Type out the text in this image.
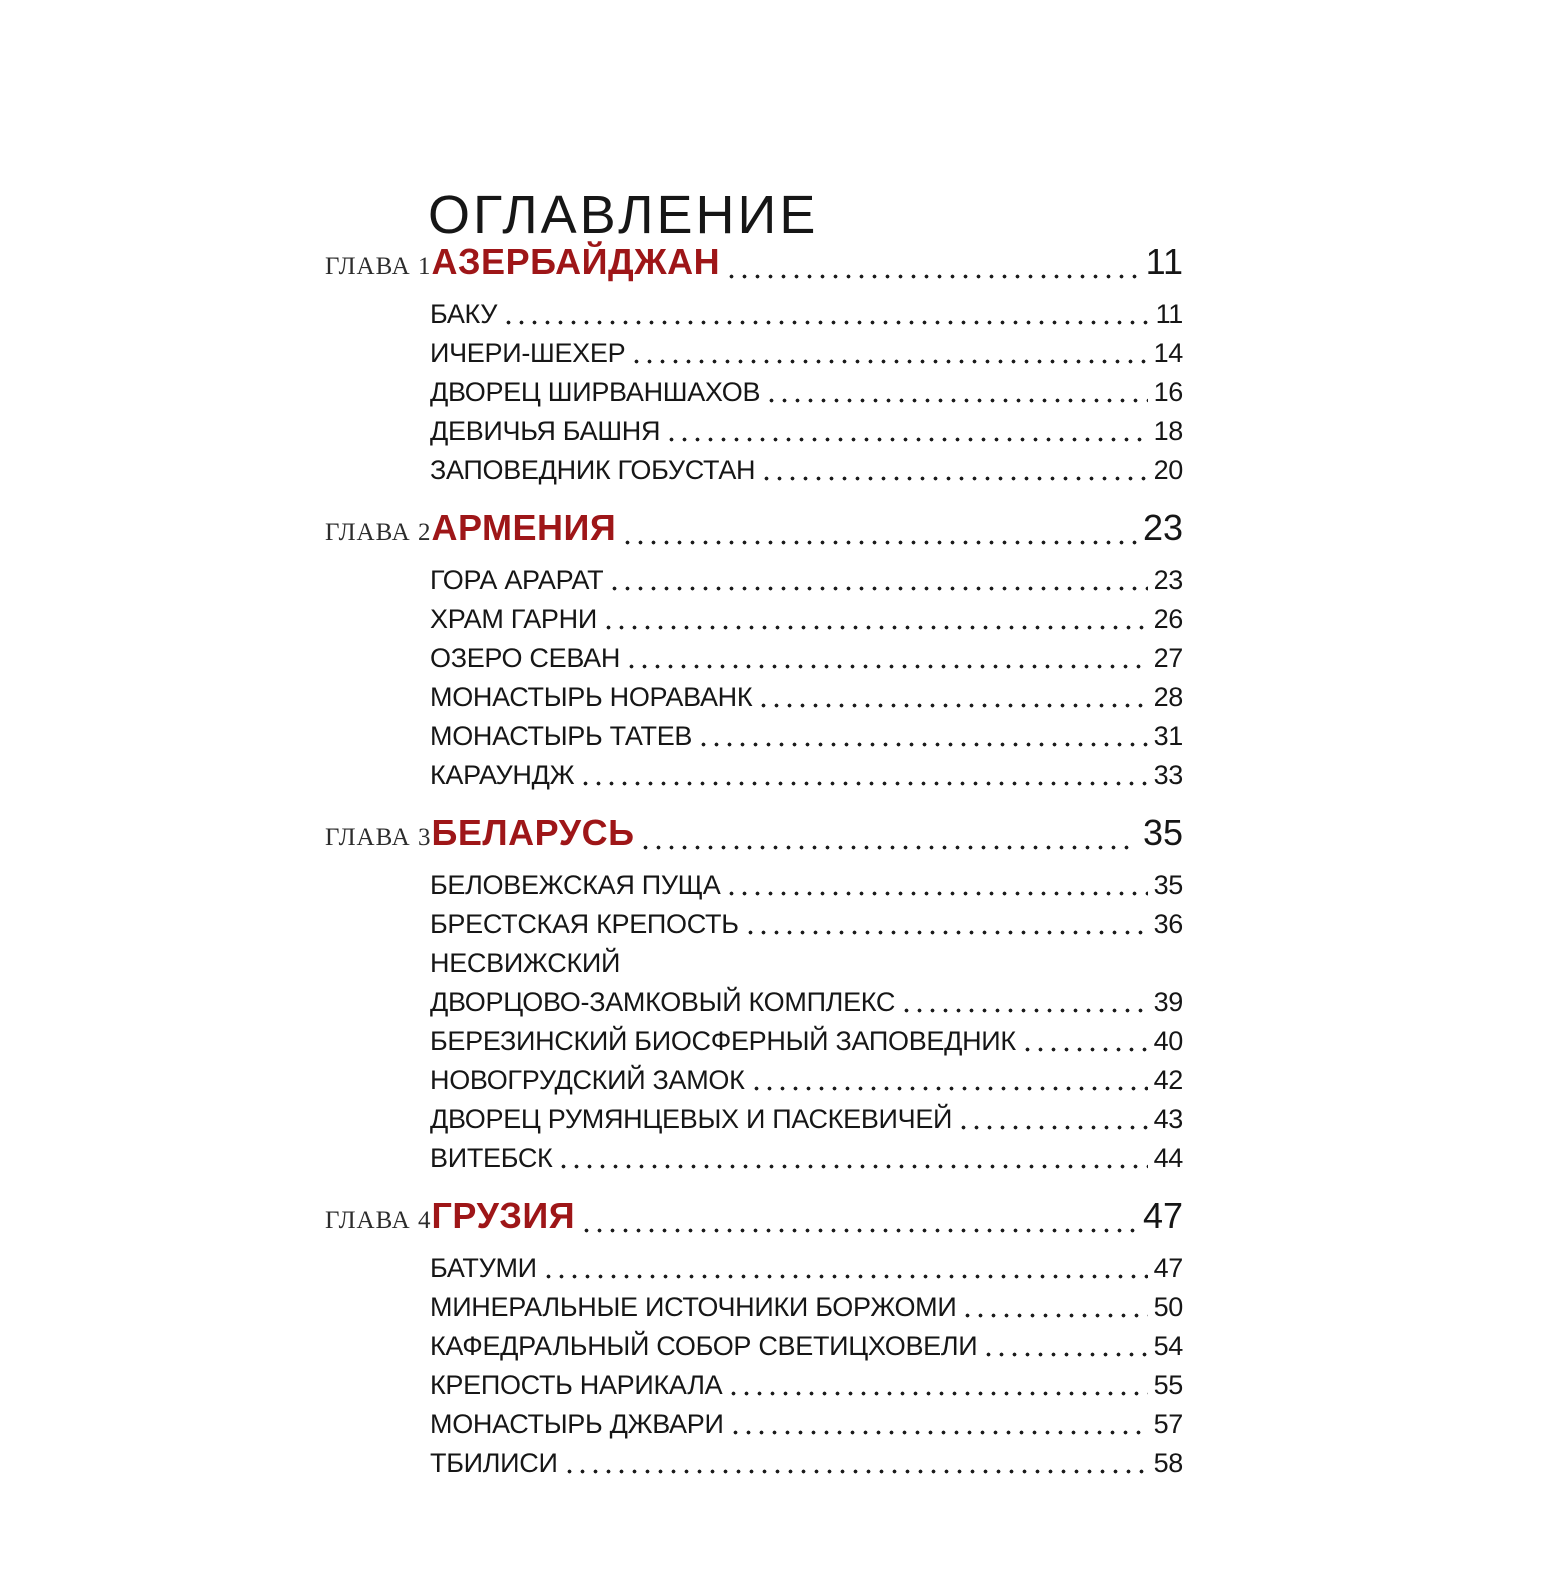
ОГЛАВЛЕНИЕ
ГЛАВА 1 АЗЕРБАЙДЖАН	11
БАКУ	11
ИЧЕРИ-ШЕХЕР	14
ДВОРЕЦ ШИРВАНШАХОВ	16
ДЕВИЧЬЯ БАШНЯ	18
ЗАПОВЕДНИК ГОБУСТАН	20
ГЛАВА 2 АРМЕНИЯ	23
ГОРА АРАРАТ	23
ХРАМ ГАРНИ	26
ОЗЕРО СЕВАН	27
МОНАСТЫРЬ НОРАВАНК	28
МОНАСТЫРЬ ТАТЕВ	31
КАРАУНДЖ	33
ГЛАВА 3 БЕЛАРУСЬ	35
БЕЛОВЕЖСКАЯ ПУЩА	35
БРЕСТСКАЯ КРЕПОСТЬ	36
НЕСВИЖСКИЙ
ДВОРЦОВО-ЗАМКОВЫЙ КОМПЛЕКС	39
БЕРЕЗИНСКИЙ БИОСФЕРНЫЙ ЗАПОВЕДНИК	40
НОВОГРУДСКИЙ ЗАМОК	42
ДВОРЕЦ РУМЯНЦЕВЫХ И ПАСКЕВИЧЕЙ	43
ВИТЕБСК	44
ГЛАВА 4 ГРУЗИЯ	47
БАТУМИ	47
МИНЕРАЛЬНЫЕ ИСТОЧНИКИ БОРЖОМИ	50
КАФЕДРАЛЬНЫЙ СОБОР СВЕТИЦХОВЕЛИ	54
КРЕПОСТЬ НАРИКАЛА	55
МОНАСТЫРЬ ДЖВАРИ	57
ТБИЛИСИ	58
